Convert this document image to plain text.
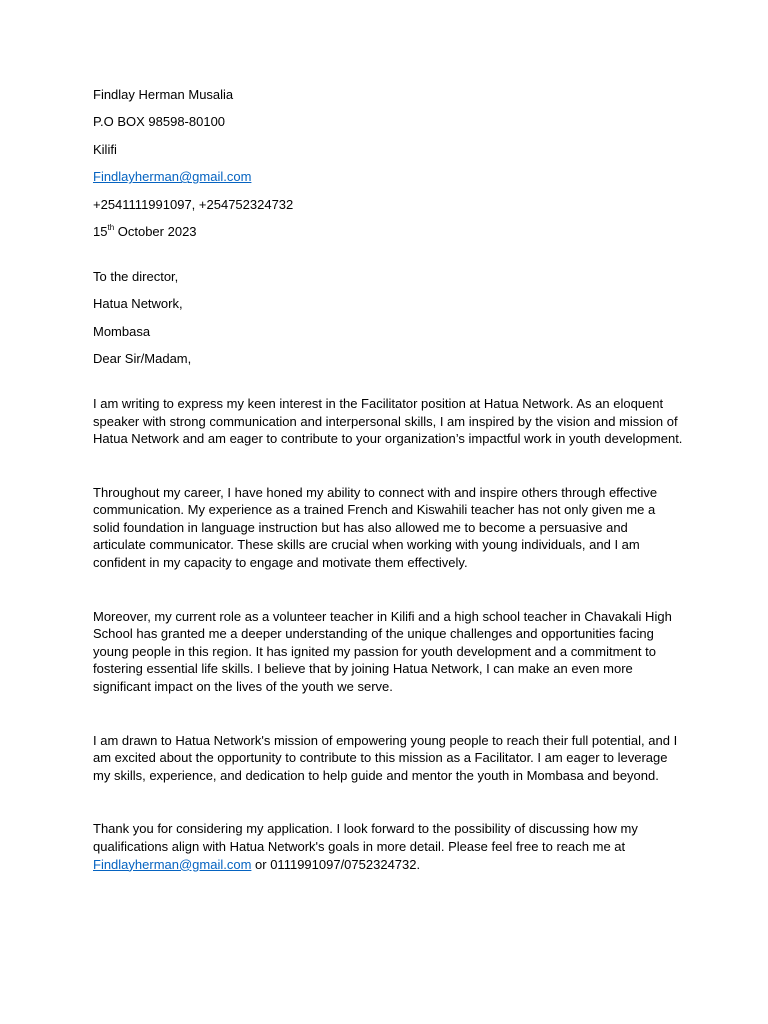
Findlay Herman Musalia
P.O BOX 98598-80100
Kilifi
Findlayherman@gmail.com
+2541111991097, +254752324732
15th October 2023
To the director,
Hatua Network,
Mombasa
Dear Sir/Madam,

I am writing to express my keen interest in the Facilitator position at Hatua Network. As an eloquent speaker with strong communication and interpersonal skills, I am inspired by the vision and mission of Hatua Network and am eager to contribute to your organization’s impactful work in youth development.

Throughout my career, I have honed my ability to connect with and inspire others through effective communication. My experience as a trained French and Kiswahili teacher has not only given me a solid foundation in language instruction but has also allowed me to become a persuasive and articulate communicator. These skills are crucial when working with young individuals, and I am confident in my capacity to engage and motivate them effectively.

Moreover, my current role as a volunteer teacher in Kilifi and a high school teacher in Chavakali High School has granted me a deeper understanding of the unique challenges and opportunities facing young people in this region. It has ignited my passion for youth development and a commitment to fostering essential life skills. I believe that by joining Hatua Network, I can make an even more significant impact on the lives of the youth we serve.

I am drawn to Hatua Network's mission of empowering young people to reach their full potential, and I am excited about the opportunity to contribute to this mission as a Facilitator. I am eager to leverage my skills, experience, and dedication to help guide and mentor the youth in Mombasa and beyond.

Thank you for considering my application. I look forward to the possibility of discussing how my qualifications align with Hatua Network's goals in more detail. Please feel free to reach me at Findlayherman@gmail.com or 0111991097/0752324732.
